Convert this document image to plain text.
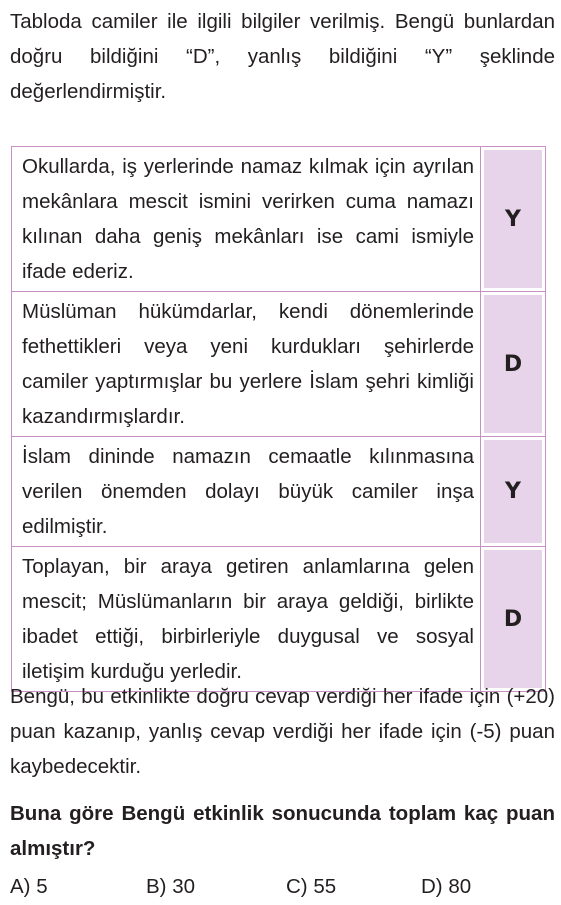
Tabloda camiler ile ilgili bilgiler verilmiş. Bengü bunlardan doğru bildiğini “D”, yanlış bildiğini “Y” şeklinde değerlendirmiştir.

Okullarda, iş yerlerinde namaz kılmak için ayrılan mekânlara mescit ismini verirken cuma namazı kılınan daha geniş mekânları ise cami ismiyle ifade ederiz.	Y
Müslüman hükümdarlar, kendi dönemlerinde fethettikleri veya yeni kurdukları şehirlerde camiler yaptırmışlar bu yerlere İslam şehri kimliği kazandırmışlardır.	D
İslam dininde namazın cemaatle kılınmasına verilen önemden dolayı büyük camiler inşa edilmiştir.	Y
Toplayan, bir araya getiren anlamlarına gelen mescit; Müslümanların bir araya geldiği, birlikte ibadet ettiği, birbirleriyle duygusal ve sosyal iletişim kurduğu yerledir.	D

Bengü, bu etkinlikte doğru cevap verdiği her ifade için (+20) puan kazanıp, yanlış cevap verdiği her ifade için (-5) puan kaybedecektir.

Buna göre Bengü etkinlik sonucunda toplam kaç puan almıştır?

A) 5	B) 30	C) 55	D) 80
